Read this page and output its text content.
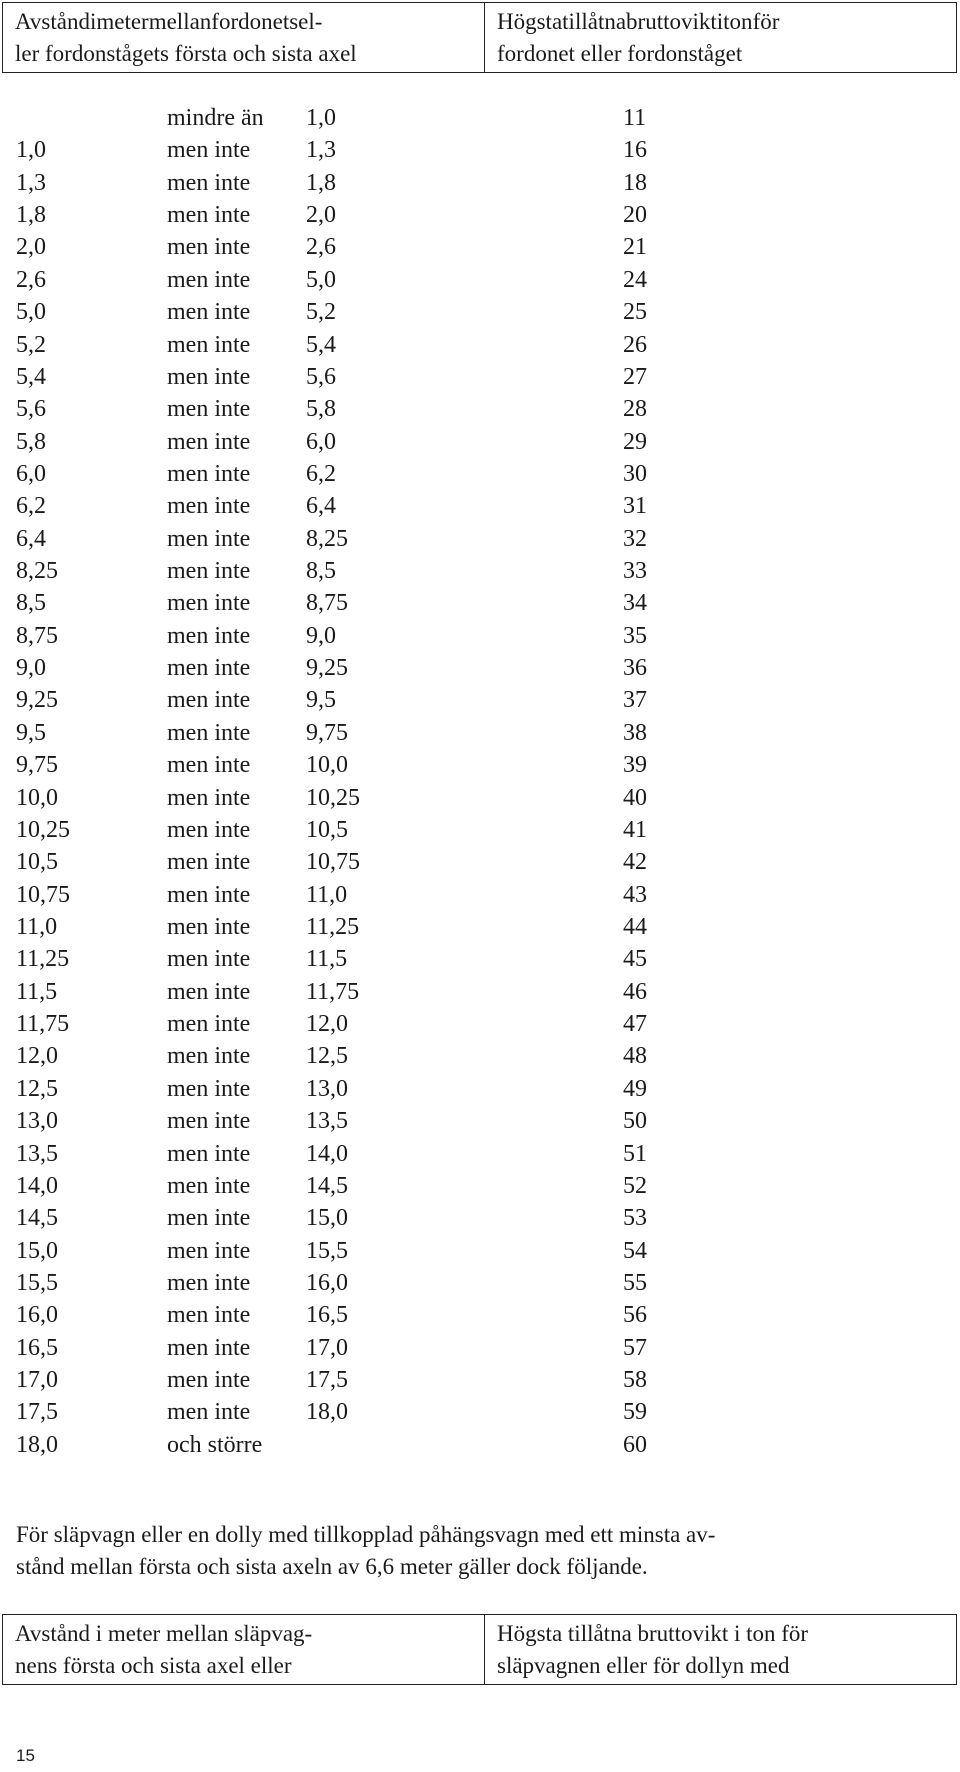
Avståndimetermellanfordonetsel-
ler fordonstågets första och sista axel

Högstatillåtnabruttoviktitonför
fordonet eller fordonståget
mindre än 1,0	11
1,0	men inte 1,3	16
1,3	men inte 1,8	18
1,8	men inte 2,0	20
2,0	men inte 2,6	21
2,6	men inte 5,0	24
5,0	men inte 5,2	25
5,2	men inte 5,4	26
5,4	men inte 5,6	27
5,6	men inte 5,8	28
5,8	men inte 6,0	29
6,0	men inte 6,2	30
6,2	men inte 6,4	31
6,4	men inte 8,25	32
8,25	men inte 8,5	33
8,5	men inte 8,75	34
8,75	men inte 9,0	35
9,0	men inte 9,25	36
9,25	men inte 9,5	37
9,5	men inte 9,75	38
9,75	men inte 10,0	39
10,0	men inte 10,25	40
10,25	men inte 10,5	41
10,5	men inte 10,75	42
10,75	men inte 11,0	43
11,0	men inte 11,25	44
11,25	men inte 11,5	45
11,5	men inte 11,75	46
11,75	men inte 12,0	47
12,0	men inte 12,5	48
12,5	men inte 13,0	49
13,0	men inte 13,5	50
13,5	men inte 14,0	51
14,0	men inte 14,5	52
14,5	men inte 15,0	53
15,0	men inte 15,5	54
15,5	men inte 16,0	55
16,0	men inte 16,5	56
16,5	men inte 17,0	57
17,0	men inte 17,5	58
17,5	men inte 18,0	59
18,0	och större	60
För släpvagn eller en dolly med tillkopplad påhängsvagn med ett minsta av-
stånd mellan första och sista axeln av 6,6 meter gäller dock följande.
Avstånd i meter mellan släpvag-
nens första och sista axel eller

Högsta tillåtna bruttovikt i ton för
släpvagnen eller för dollyn med
15
